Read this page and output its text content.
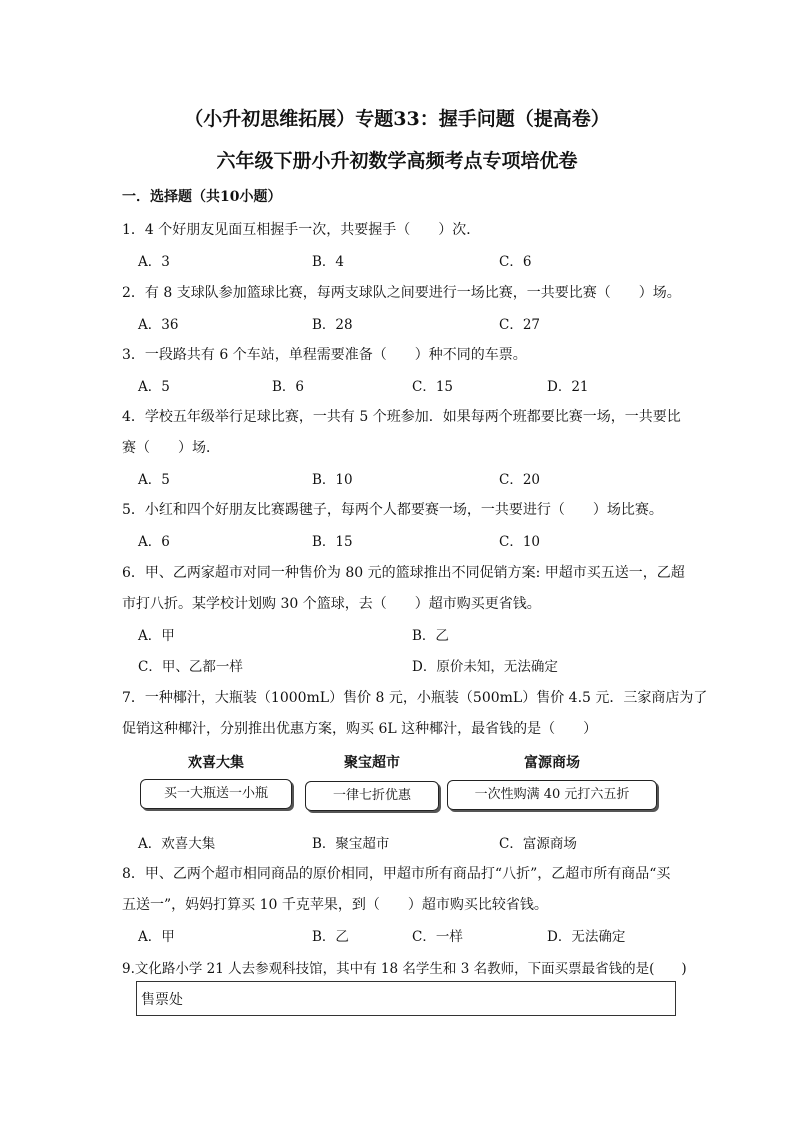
（小升初思维拓展）专题33：握手问题（提高卷）
六年级下册小升初数学高频考点专项培优卷
一．选择题（共10小题）
1．4 个好朋友见面互相握手一次，共要握手（　　）次．
A．3	B．4	C．6
2．有 8 支球队参加篮球比赛，每两支球队之间要进行一场比赛，一共要比赛（　　）场。
A．36	B．28	C．27
3．一段路共有 6 个车站，单程需要准备（　　）种不同的车票。
A．5	B．6	C．15	D．21
4．学校五年级举行足球比赛，一共有 5 个班参加．如果每两个班都要比赛一场，一共要比
赛（　　）场．
A．5	B．10	C．20
5．小红和四个好朋友比赛踢毽子，每两个人都要赛一场，一共要进行（　　）场比赛。
A．6	B．15	C．10
6．甲、乙两家超市对同一种售价为 80 元的篮球推出不同促销方案: 甲超市买五送一，乙超
市打八折。某学校计划购 30 个篮球，去（　　）超市购买更省钱。
A．甲	B．乙
C．甲、乙都一样	D．原价未知，无法确定
7．一种椰汁，大瓶装（1000mL）售价 8 元，小瓶装（500mL）售价 4.5 元．三家商店为了
促销这种椰汁，分别推出优惠方案，购买 6L 这种椰汁，最省钱的是（　　）
欢喜大集	聚宝超市	富源商场
买一大瓶送一小瓶	一律七折优惠	一次性购满 40 元打六五折
A．欢喜大集	B．聚宝超市	C．富源商场
8．甲、乙两个超市相同商品的原价相同，甲超市所有商品打“八折”，乙超市所有商品“买
五送一”，妈妈打算买 10 千克苹果，到（　　）超市购买比较省钱。
A．甲	B．乙	C．一样	D．无法确定
9.文化路小学 21 人去参观科技馆，其中有 18 名学生和 3 名教师，下面买票最省钱的是(　　)
售票处
